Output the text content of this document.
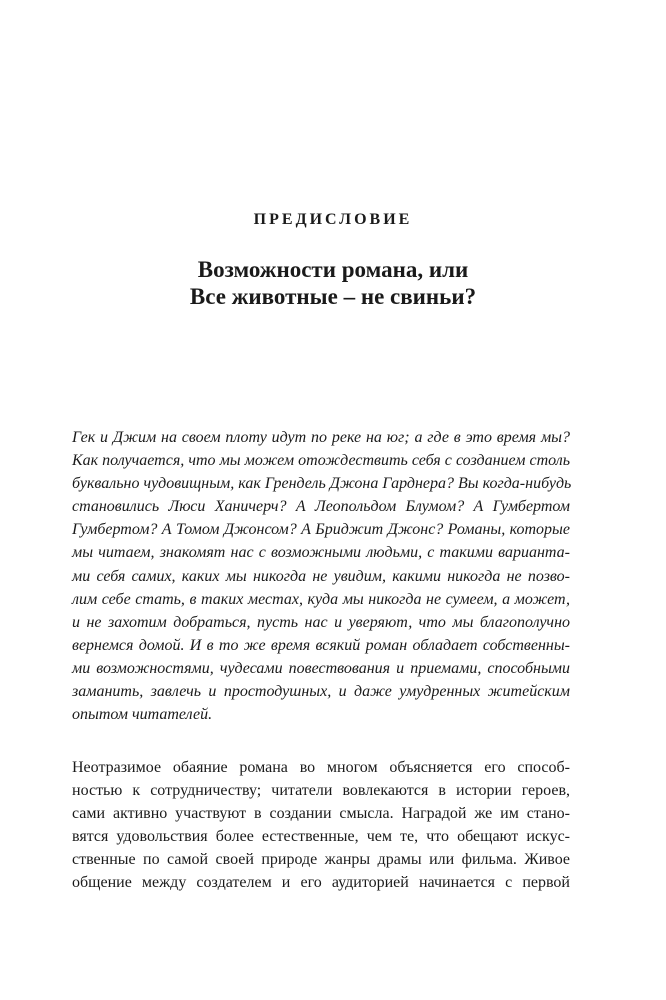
ПРЕДИСЛОВИЕ
Возможности романа, или
Все животные – не свиньи?
Гек и Джим на своем плоту идут по реке на юг; а где в это время мы?
Как получается, что мы можем отождествить себя с созданием столь
буквально чудовищным, как Грендель Джона Гарднера? Вы когда-нибудь
становились Люси Ханичерч? А Леопольдом Блумом? А Гумбертом
Гумбертом? А Томом Джонсом? А Бриджит Джонс? Романы, которые
мы читаем, знакомят нас с возможными людьми, с такими варианта-
ми себя самих, каких мы никогда не увидим, какими никогда не позво-
лим себе стать, в таких местах, куда мы никогда не сумеем, а может,
и не захотим добраться, пусть нас и уверяют, что мы благополучно
вернемся домой. И в то же время всякий роман обладает собственны-
ми возможностями, чудесами повествования и приемами, способными
заманить, завлечь и простодушных, и даже умудренных житейским
опытом читателей.
Неотразимое обаяние романа во многом объясняется его способ-
ностью к сотрудничеству; читатели вовлекаются в истории героев,
сами активно участвуют в создании смысла. Наградой же им стано-
вятся удовольствия более естественные, чем те, что обещают искус-
ственные по самой своей природе жанры драмы или фильма. Живое
общение между создателем и его аудиторией начинается с первой
